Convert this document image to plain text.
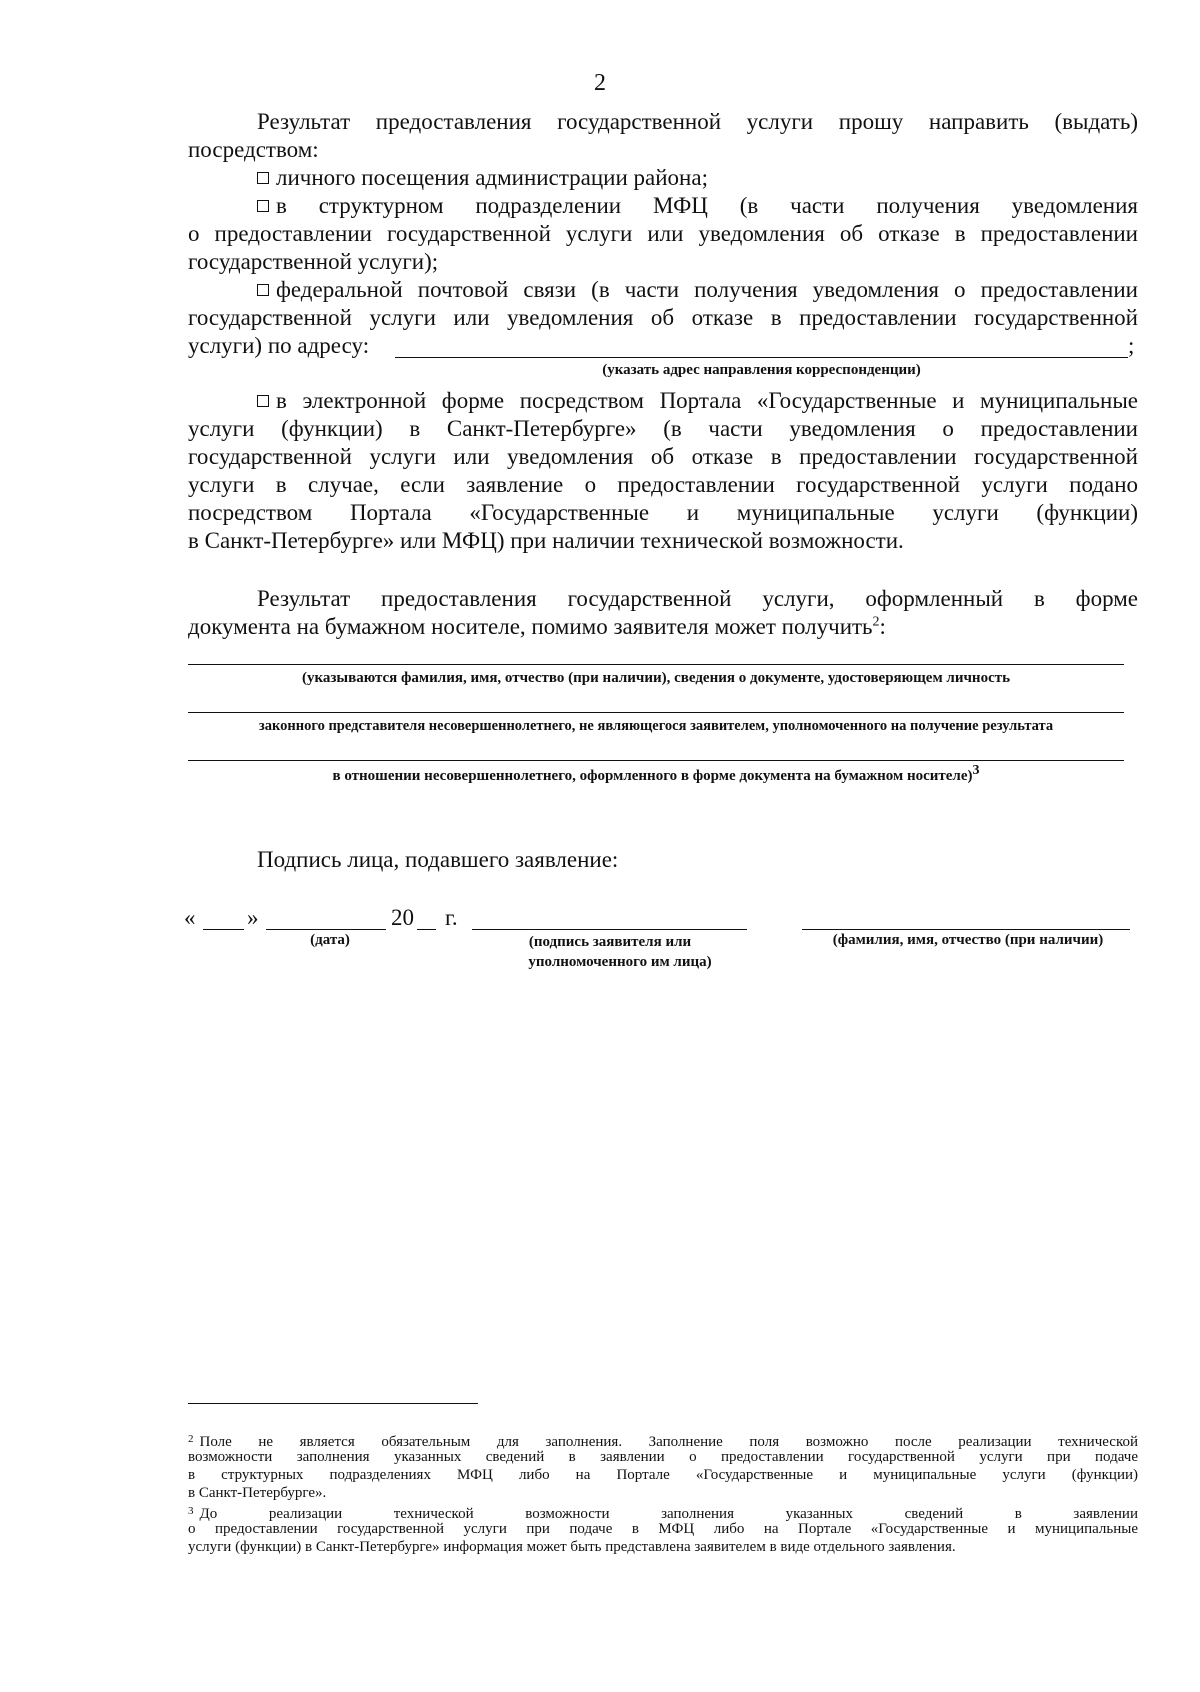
2
Результат предоставления государственной услуги прошу направить (выдать)
посредством:
личного посещения администрации района;
в структурном подразделении МФЦ (в части получения уведомления
о предоставлении государственной услуги или уведомления об отказе в предоставлении
государственной услуги);
федеральной почтовой связи (в части получения уведомления о предоставлении
государственной услуги или уведомления об отказе в предоставлении государственной
услуги) по адресу:	;
(указать адрес направления корреспонденции)
в электронной форме посредством Портала «Государственные и муниципальные
услуги (функции) в Санкт-Петербурге» (в части уведомления о предоставлении
государственной услуги или уведомления об отказе в предоставлении государственной
услуги в случае, если заявление о предоставлении государственной услуги подано
посредством Портала «Государственные и муниципальные услуги (функции)
в Санкт-Петербурге» или МФЦ) при наличии технической возможности.
Результат предоставления государственной услуги, оформленный в форме
документа на бумажном носителе, помимо заявителя может получить$^2$:
(указываются фамилия, имя, отчество (при наличии), сведения о документе, удостоверяющем личность
законного представителя несовершеннолетнего, не являющегося заявителем, уполномоченного на получение результата
в отношении несовершеннолетнего, оформленного в форме документа на бумажном носителе)$^3$
Подпись лица, подавшего заявление:
« »	20 г.
(дата)	(подпись заявителя или
уполномоченного им лица)
(фамилия, имя, отчество (при наличии)
$^2$ Поле не является обязательным для заполнения. Заполнение поля возможно после реализации технической
возможности заполнения указанных сведений в заявлении о предоставлении государственной услуги при подаче
в структурных подразделениях МФЦ либо на Портале «Государственные и муниципальные услуги (функции)
в Санкт-Петербурге».
$^3$ До реализации технической возможности заполнения указанных сведений в заявлении
о предоставлении государственной услуги при подаче в МФЦ либо на Портале «Государственные и муниципальные
услуги (функции) в Санкт-Петербурге» информация может быть представлена заявителем в виде отдельного заявления.
